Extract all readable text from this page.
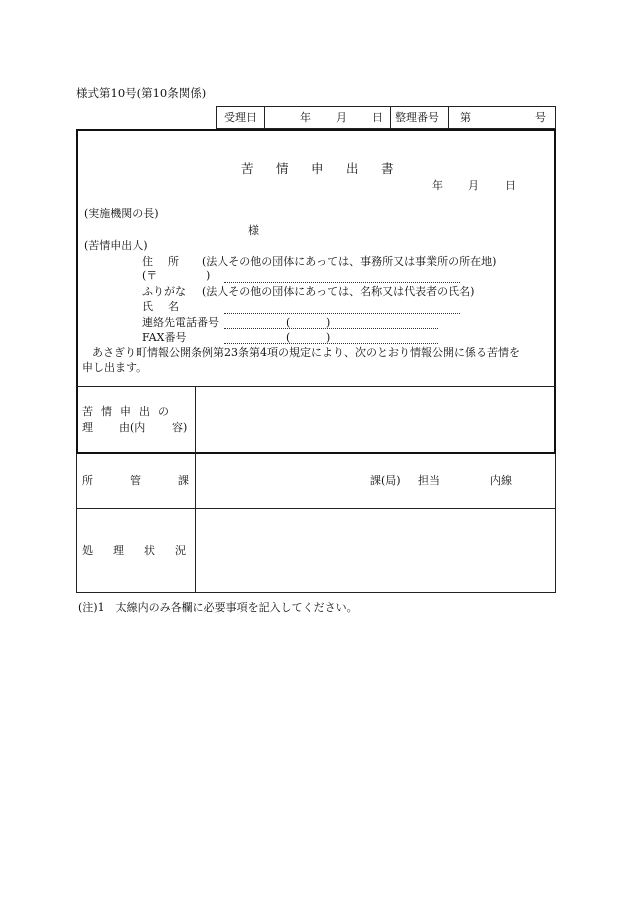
様式第10号(第10条関係)
受理日	年 月 日 整理番号 第	号
苦 情 申 出 書
年 月 日
(実施機関の長)
様
(苦情申出人)
住 所 (法人その他の団体にあっては、事務所又は事業所の所在地)
(〒	)
ふりがな (法人その他の団体にあっては、名称又は代表者の氏名)
氏 名
連絡先電話番号	(	)
FAX番号	(	)
あさぎり町情報公開条例第23条第4項の規定により、次のとおり情報公開に係る苦情を
申し出ます。
苦 情 申 出 の
理 由(内 容)
所	管	課	課(局) 担当	内線
処 理 状 況
(注)1　太線内のみ各欄に必要事項を記入してください。
